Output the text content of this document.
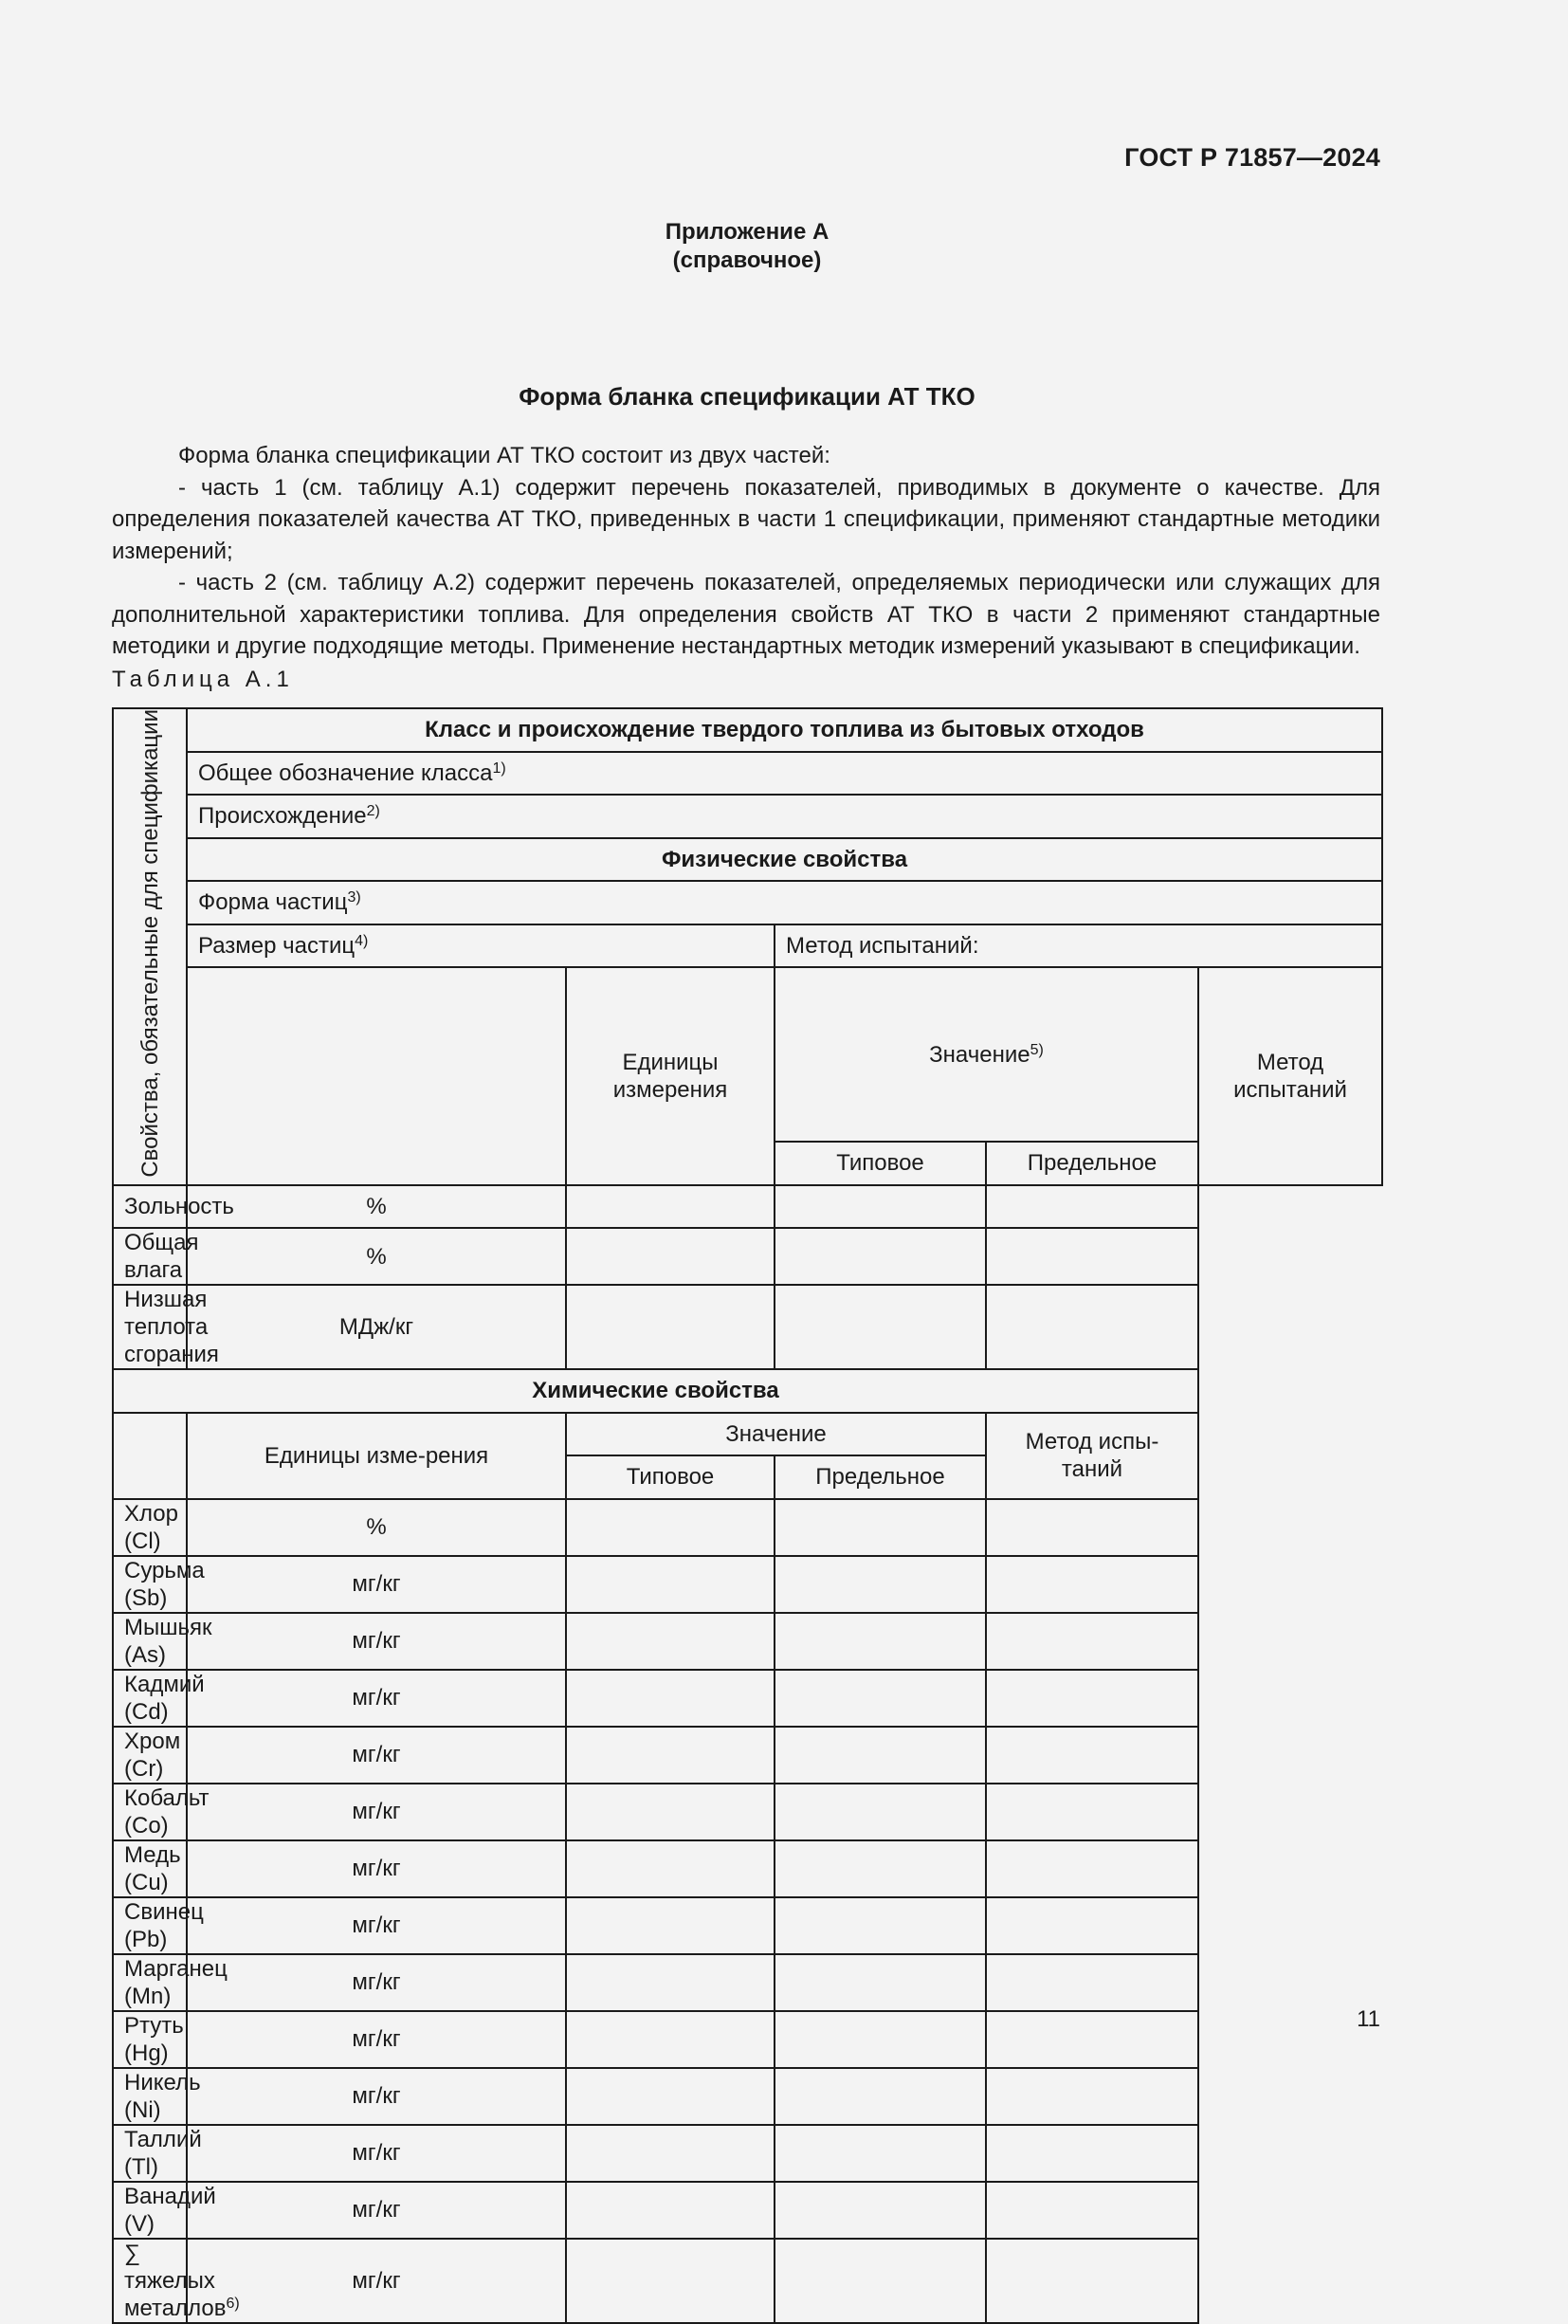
ГОСТ Р 71857—2024
Приложение А
(справочное)
Форма бланка спецификации АТ ТКО

Форма бланка спецификации АТ ТКО состоит из двух частей:

- часть 1 (см. таблицу А.1) содержит перечень показателей, приводимых в документе о качестве. Для определения показателей качества АТ ТКО, приведенных в части 1 спецификации, применяют стандартные методики измерений;

- часть 2 (см. таблицу А.2) содержит перечень показателей, определяемых периодически или служащих для дополнительной характеристики топлива. Для определения свойств АТ ТКО в части 2 применяют стандартные методики и другие подходящие методы. Применение нестандартных методик измерений указывают в спецификации.

Таблица А.1
Свойства, обязательные для спецификации	Класс и происхождение твердого топлива из бытовых отходов				
	Общее обозначение класса$^{1)}$
	Происхождение$^{2)}$
	Физические свойства				
	Форма частиц$^{3)}$
	Размер частиц$^{4)}$		Метод испытаний:		
		Единицы измерения	Значение$^{5)}$		Метод испытаний
			Типовое	Предельное	
Зольность	%				
Общая влага	%				
Низшая теплота сгорания	МДж/кг				
Химические свойства					
	Единицы изме-рения	Значение		Метод испы-таний	
		Типовое	Предельное		
Хлор (Cl)	%				
Сурьма (Sb)	мг/кг				
Мышьяк (As)	мг/кг				
Кадмий (Cd)	мг/кг				
Хром (Cr)	мг/кг				
Кобальт (Co)	мг/кг				
Медь (Cu)	мг/кг				
Свинец (Pb)	мг/кг				
Марганец (Mn)	мг/кг				
Ртуть (Hg)	мг/кг				
Никель (Ni)	мг/кг				
Таллий (Tl)	мг/кг				
Ванадий (V)	мг/кг				
∑ тяжелых металлов$^{6)}$	мг/кг				
11
